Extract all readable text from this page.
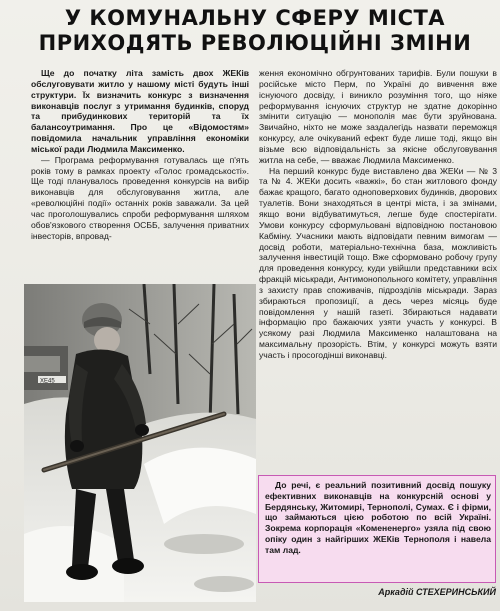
У КОМУНАЛЬНУ СФЕРУ МІСТА
ПРИХОДЯТЬ РЕВОЛЮЦІЙНІ ЗМІНИ

Ще до початку літа замість двох ЖЕКів обслуговувати житло у нашому місті будуть інші структури. Їх визначить конкурс з визначення виконавців послуг з утримання будинків, споруд та прибудинкових територій та їх балансоутримання. Про це «Відомостям» повідомила начальник управління економіки міської ради Людмила Максименко.

— Програма реформування готувалась ще п'ять років тому в рамках проекту «Голос громадськості». Ще тоді планувалось проведення конкурсів на вибір виконавців для обслуговування житла, але «революційні події» останніх років заважали. За цей час проголошувались спроби реформування шляхом обов'язкового створення ОСББ, залучення приватних інвесторів, впровад-

ХЕ45

ження економічно обгрунтованих тарифів. Були пошуки в російське місто Перм, по Україні до вивчення вже існуючого досвіду, і виникло розуміння того, що ніяке реформування існуючих структур не здатне докорінно змінити ситуацію — монополія має бути зруйнована. Звичайно, ніхто не може заздалегідь назвати переможця конкурсу, але очікуваний ефект буде лише тоді, якщо він візьме всю відповідальність за якісне обслуговування житла на себе, — вважає Людмила Максименко.

На перший конкурс буде виставлено два ЖЕКи — № 3 та № 4. ЖЕКи досить «важкі», бо стан житлового фонду бажає кращого, багато одноповерхових будинків, дворових туалетів. Вони знаходяться в центрі міста, і за змінами, якщо вони відбуватимуться, легше буде спостерігати. Умови конкурсу сформульовані відповідною постановою Кабміну. Учасники мають відповідати певним вимогам — досвід роботи, матеріально-технічна база, можливість залучення інвестицій тощо. Вже сформовано робочу групу для проведення конкурсу, куди увійшли представники всіх фракцій міськради, Антимонопольного комітету, управління з захисту прав споживачів, підрозділів міськради. Зараз збираються пропозиції, а десь через місяць буде повідомлення у нашій газеті. Збираються надавати інформацію про бажаючих узяти участь у конкурсі. В усякому разі Людмила Максименко налаштована на максимальну прозорість. Втім, у конкурсі можуть взяти участь і просогодінші виконавці.

До речі, є реальний позитивний досвід пошуку ефективних виконавців на конкурсній основі у Бердянську, Житомирі, Тернополі, Сумах. Є і фірми, що займаються цією роботою по всій Україні. Зокрема корпорація «Комененерго» узяла під свою опіку один з найгірших ЖЕКів Тернополя і навела там лад.

Аркадій СТЕХЕРИНСЬКИЙ
